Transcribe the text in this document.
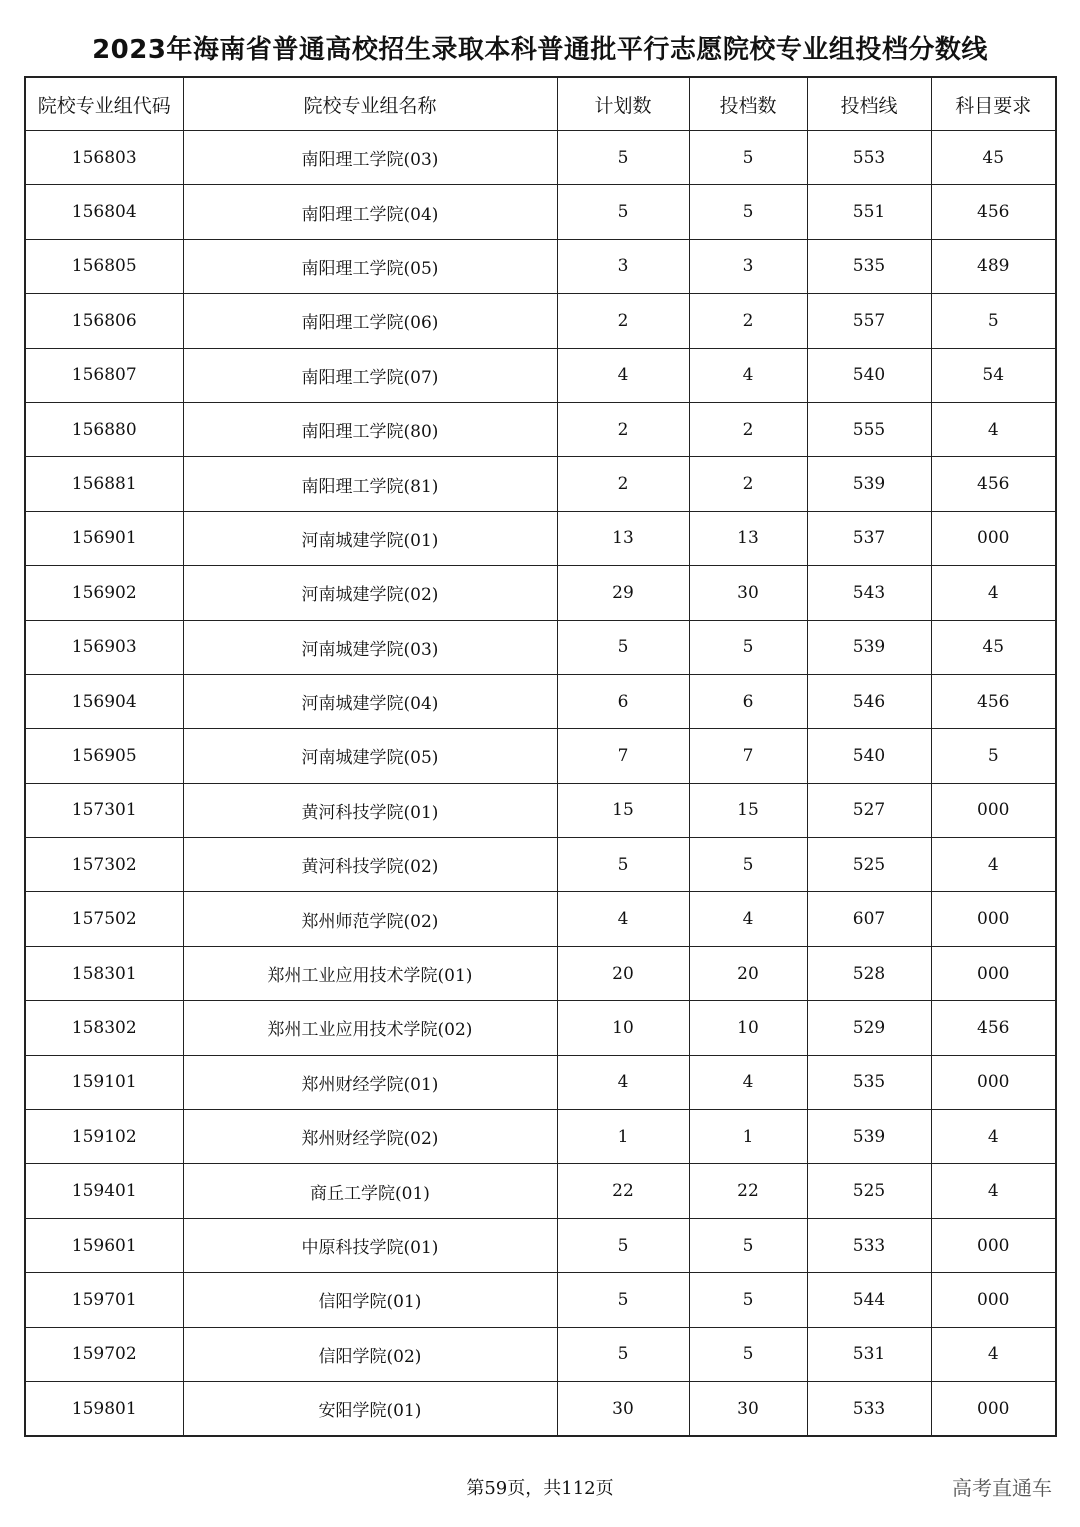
2023年海南省普通高校招生录取本科普通批平行志愿院校专业组投档分数线
院校专业组代码	院校专业组名称	计划数	投档数	投档线	科目要求
156803	南阳理工学院(03)	5	5	553	45
156804	南阳理工学院(04)	5	5	551	456
156805	南阳理工学院(05)	3	3	535	489
156806	南阳理工学院(06)	2	2	557	5
156807	南阳理工学院(07)	4	4	540	54
156880	南阳理工学院(80)	2	2	555	4
156881	南阳理工学院(81)	2	2	539	456
156901	河南城建学院(01)	13	13	537	000
156902	河南城建学院(02)	29	30	543	4
156903	河南城建学院(03)	5	5	539	45
156904	河南城建学院(04)	6	6	546	456
156905	河南城建学院(05)	7	7	540	5
157301	黄河科技学院(01)	15	15	527	000
157302	黄河科技学院(02)	5	5	525	4
157502	郑州师范学院(02)	4	4	607	000
158301	郑州工业应用技术学院(01)	20	20	528	000
158302	郑州工业应用技术学院(02)	10	10	529	456
159101	郑州财经学院(01)	4	4	535	000
159102	郑州财经学院(02)	1	1	539	4
159401	商丘工学院(01)	22	22	525	4
159601	中原科技学院(01)	5	5	533	000
159701	信阳学院(01)	5	5	544	000
159702	信阳学院(02)	5	5	531	4
159801	安阳学院(01)	30	30	533	000
第59页，共112页	高考直通车
